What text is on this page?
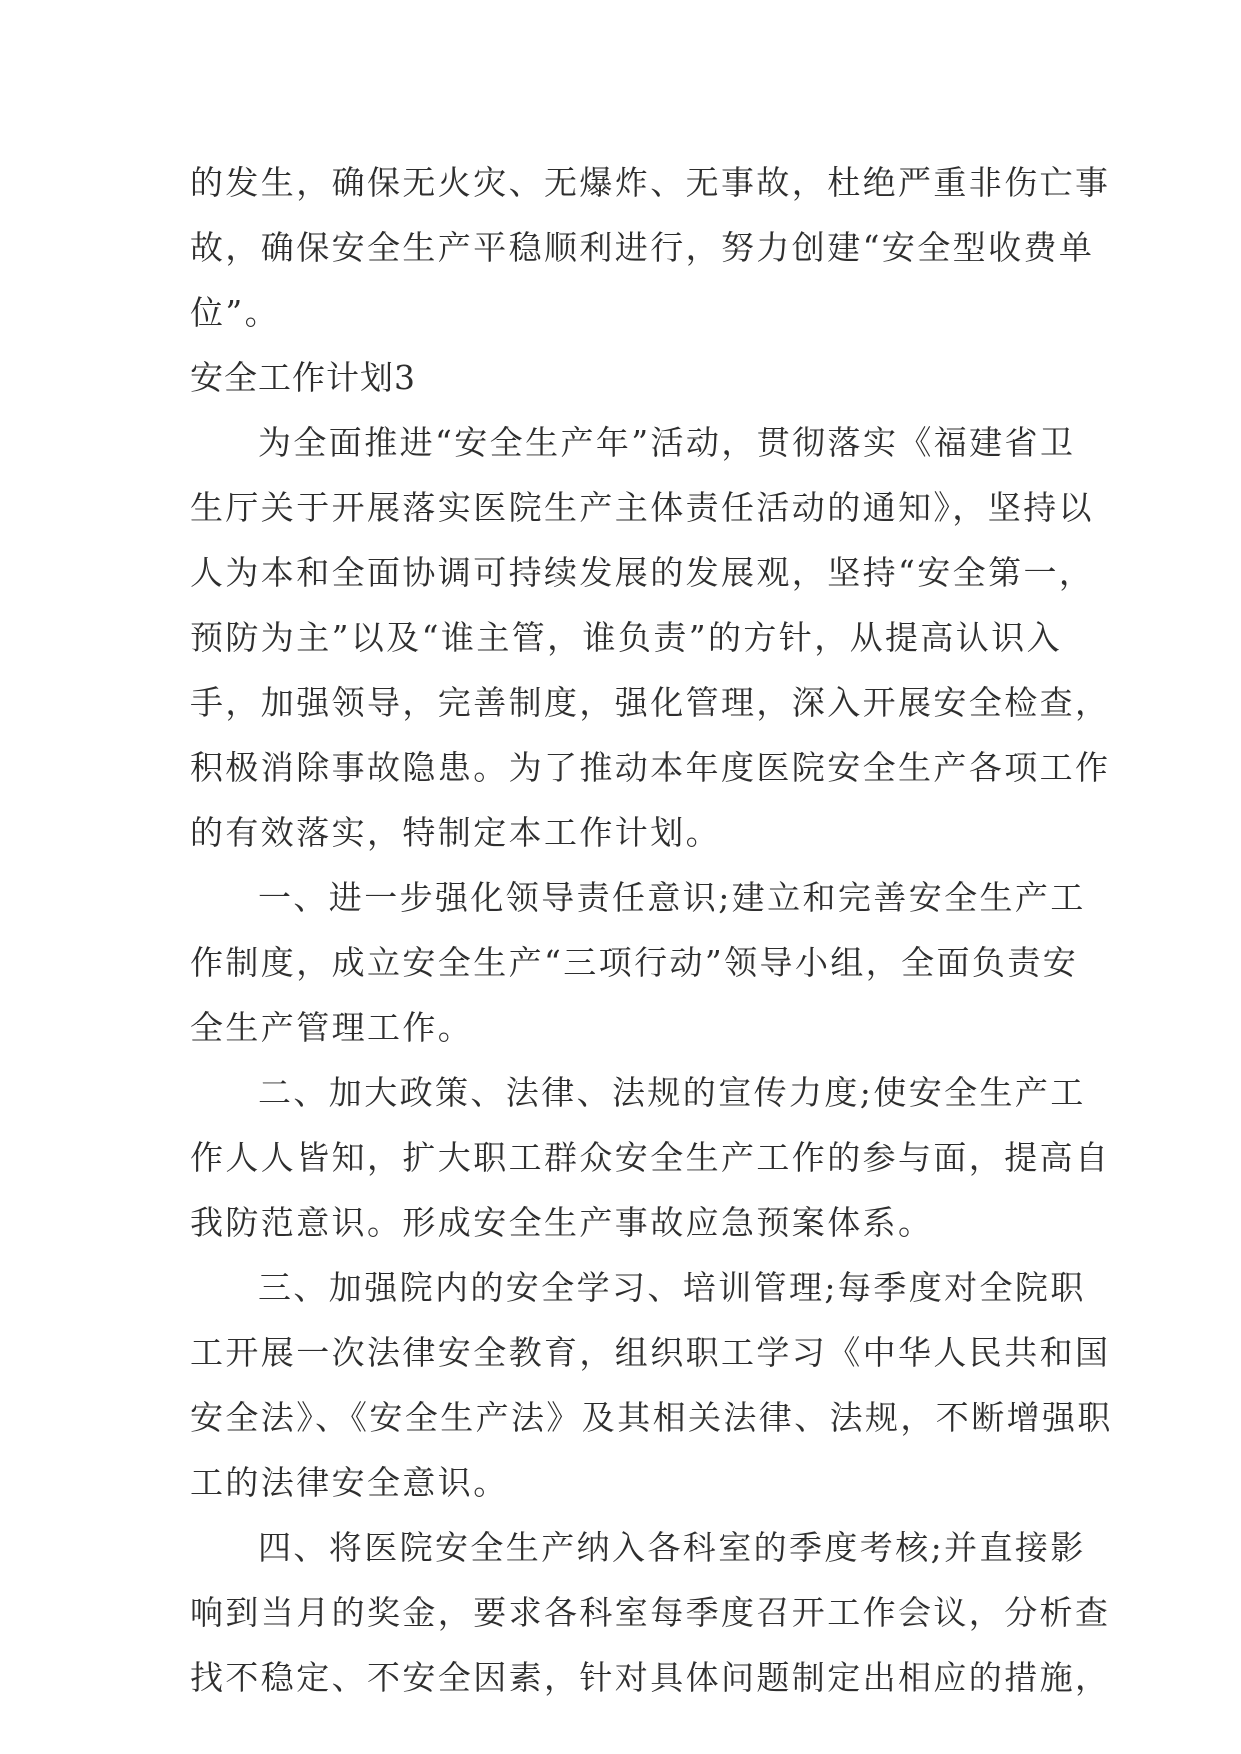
的发生，确保无火灾、无爆炸、无事故，杜绝严重非伤亡事
故，确保安全生产平稳顺利进行，努力创建“安全型收费单
位”。
安全工作计划3
为全面推进“安全生产年”活动，贯彻落实《福建省卫
生厅关于开展落实医院生产主体责任活动的通知》，坚持以
人为本和全面协调可持续发展的发展观，坚持“安全第一，
预防为主”以及“谁主管，谁负责”的方针，从提高认识入
手，加强领导，完善制度，强化管理，深入开展安全检查，
积极消除事故隐患。为了推动本年度医院安全生产各项工作
的有效落实，特制定本工作计划。
一、进一步强化领导责任意识;建立和完善安全生产工
作制度，成立安全生产“三项行动”领导小组，全面负责安
全生产管理工作。
二、加大政策、法律、法规的宣传力度;使安全生产工
作人人皆知，扩大职工群众安全生产工作的参与面，提高自
我防范意识。形成安全生产事故应急预案体系。
三、加强院内的安全学习、培训管理;每季度对全院职
工开展一次法律安全教育，组织职工学习《中华人民共和国
安全法》、《安全生产法》及其相关法律、法规，不断增强职
工的法律安全意识。
四、将医院安全生产纳入各科室的季度考核;并直接影
响到当月的奖金，要求各科室每季度召开工作会议，分析查
找不稳定、不安全因素，针对具体问题制定出相应的措施，
